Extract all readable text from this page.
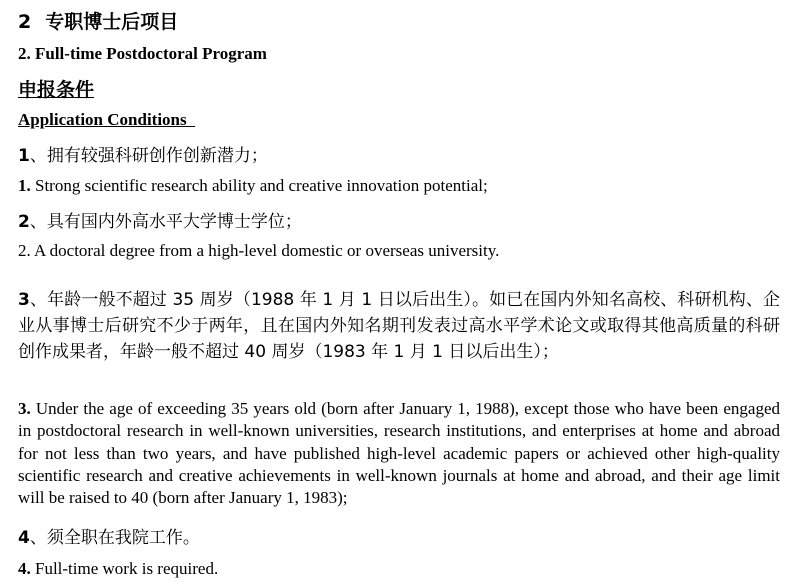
2 专职博士后项目

2. Full-time Postdoctoral Program

申报条件

Application Conditions

1、拥有较强科研创作创新潜力；

1. Strong scientific research ability and creative innovation potential;

2、具有国内外高水平大学博士学位；

2. A doctoral degree from a high-level domestic or overseas university.

3、年龄一般不超过 35 周岁（1988 年 1 月 1 日以后出生）。如已在国内外知名高校、科研机构、企业从事博士后研究不少于两年，且在国内外知名期刊发表过高水平学术论文或取得其他高质量的科研创作成果者，年龄一般不超过 40 周岁（1983 年 1 月 1 日以后出生）；

3. Under the age of exceeding 35 years old (born after January 1, 1988), except those who have been engaged in postdoctoral research in well-known universities, research institutions, and enterprises at home and abroad for not less than two years, and have published high-level academic papers or achieved other high-quality scientific research and creative achievements in well-known journals at home and abroad, and their age limit will be raised to 40 (born after January 1, 1983);

4、须全职在我院工作。

4. Full-time work is required.
